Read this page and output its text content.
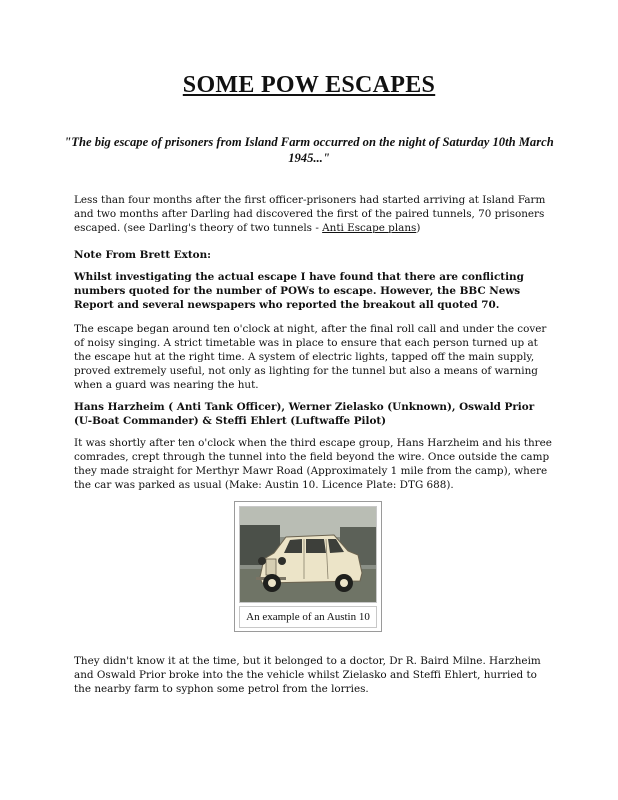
SOME POW ESCAPES

"The big escape of prisoners from Island Farm occurred on the night of Saturday 10th March 1945..."

Less than four months after the first officer-prisoners had started arriving at Island Farm and two months after Darling had discovered the first of the paired tunnels, 70 prisoners escaped. (see Darling's theory of two tunnels - Anti Escape plans)

Note From Brett Exton:

Whilst investigating the actual escape I have found that there are conflicting numbers quoted for the number of POWs to escape. However, the BBC News Report and several newspapers who reported the breakout all quoted 70.

The escape began around ten o'clock at night, after the final roll call and under the cover of noisy singing. A strict timetable was in place to ensure that each person turned up at the escape hut at the right time. A system of electric lights, tapped off the main supply, proved extremely useful, not only as lighting for the tunnel but also a means of warning when a guard was nearing the hut.

Hans Harzheim ( Anti Tank Officer), Werner Zielasko (Unknown), Oswald Prior (U-Boat Commander) & Steffi Ehlert (Luftwaffe Pilot)

It was shortly after ten o'clock when the third escape group, Hans Harzheim and his three comrades, crept through the tunnel into the field beyond the wire. Once outside the camp they made straight for Merthyr Mawr Road (Approximately 1 mile from the camp), where the car was parked as usual (Make: Austin 10. Licence Plate: DTG 688).

An example of an Austin 10

They didn't know it at the time, but it belonged to a doctor, Dr R. Baird Milne. Harzheim and Oswald Prior broke into the the vehicle whilst Zielasko and Steffi Ehlert, hurried to the nearby farm to syphon some petrol from the lorries.
